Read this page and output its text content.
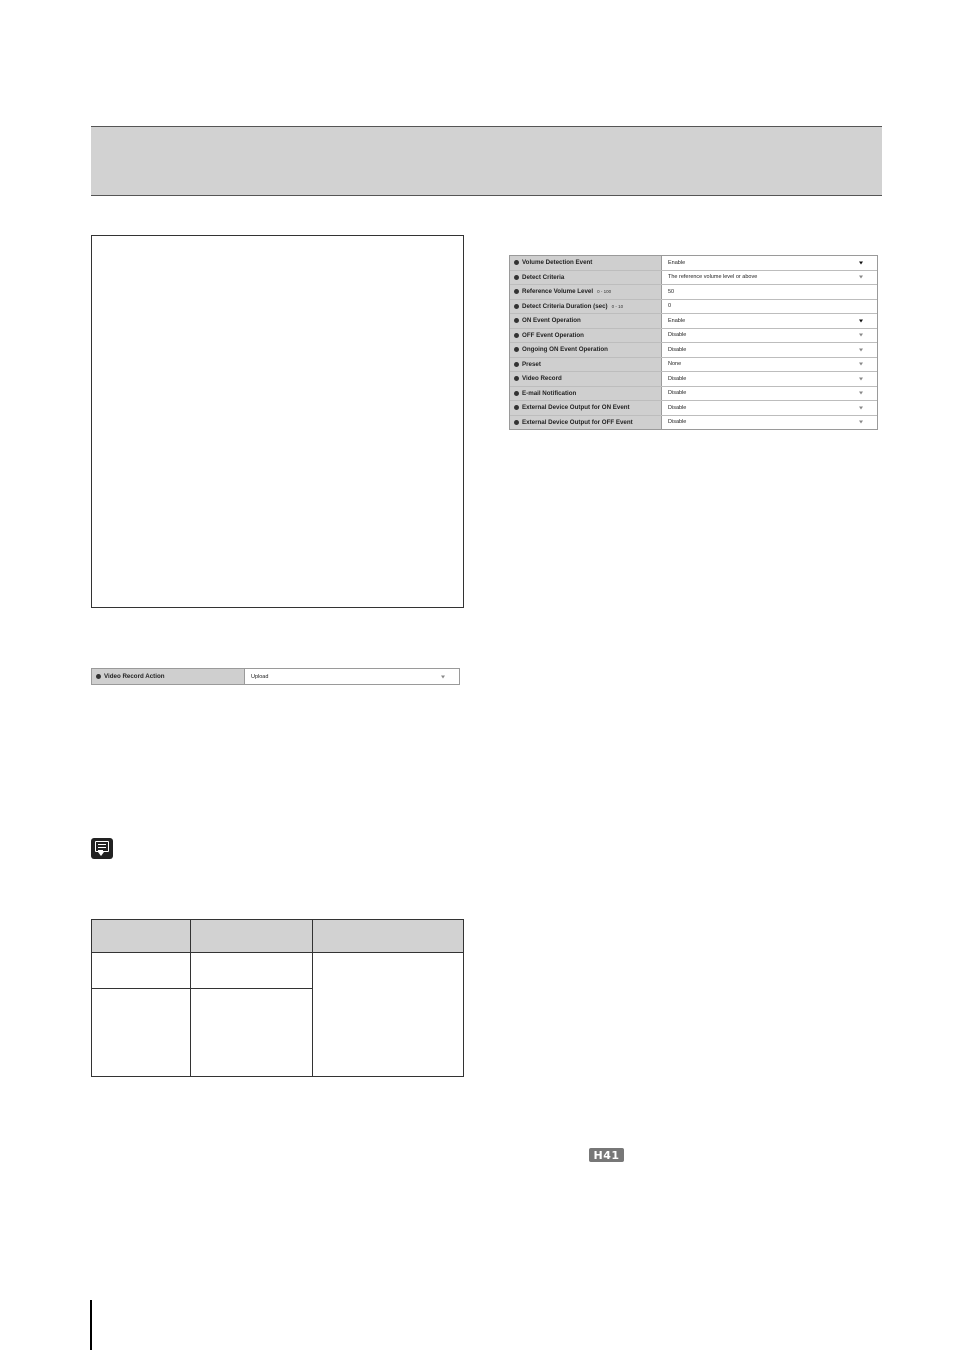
Volume Detection Event	Enable
Detect Criteria	The reference volume level or above
Reference Volume Level 0 - 100	50
Detect Criteria Duration (sec) 0 - 10	0
ON Event Operation	Enable
OFF Event Operation	Disable
Ongoing ON Event Operation	Disable
Preset	None
Video Record	Disable
E-mail Notification	Disable
External Device Output for ON Event	Disable
External Device Output for OFF Event	Disable
Video Record Action	Upload

H41
